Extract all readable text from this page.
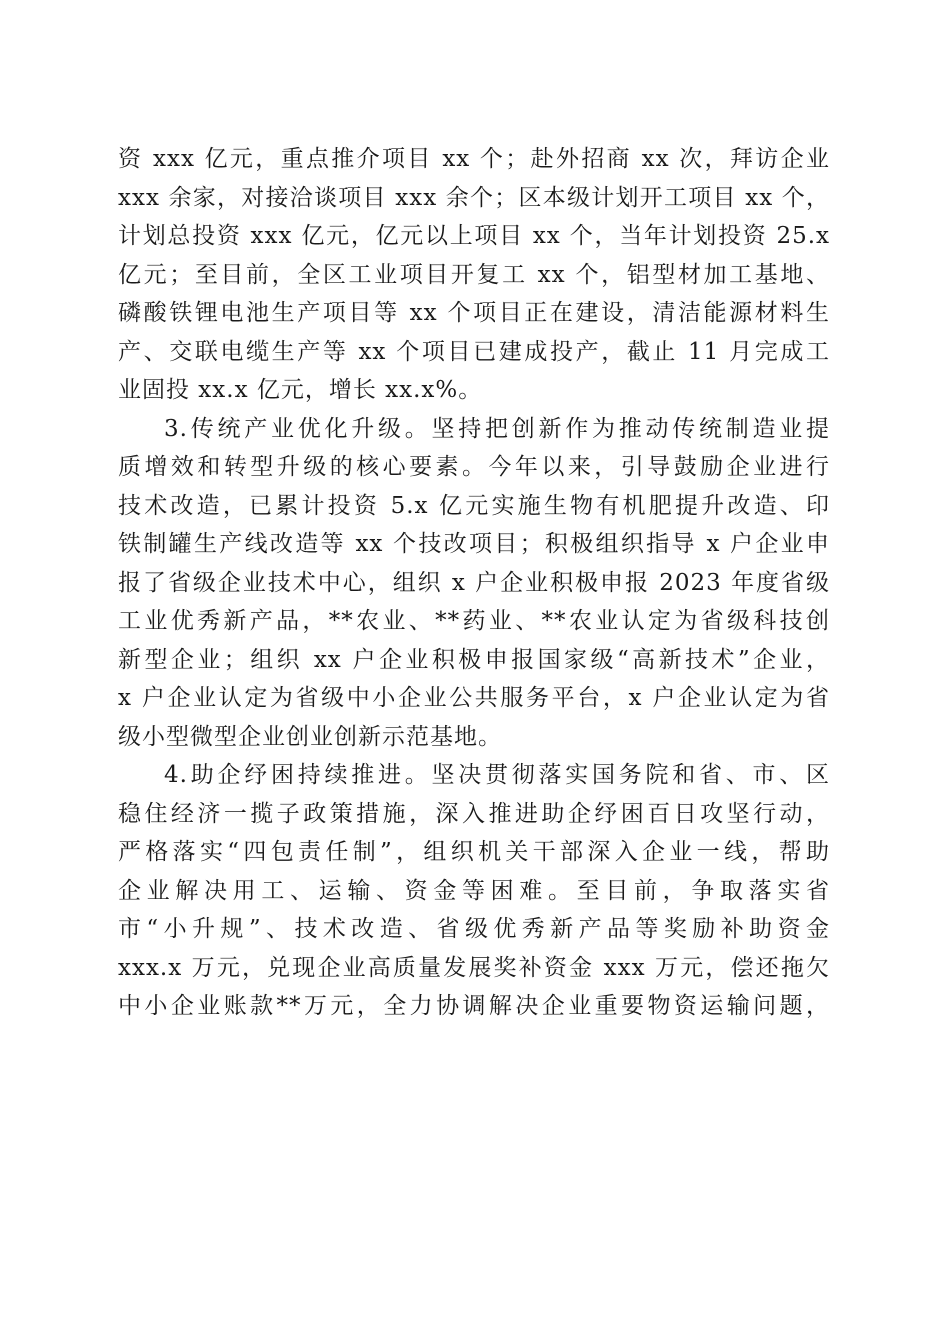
资 xxx 亿元，重点推介项目 xx 个；赴外招商 xx 次，拜访企业
xxx 余家，对接洽谈项目 xxx 余个；区本级计划开工项目 xx 个，
计划总投资 xxx 亿元，亿元以上项目 xx 个，当年计划投资 25.x
亿元；至目前，全区工业项目开复工 xx 个，铝型材加工基地、
磷酸铁锂电池生产项目等 xx 个项目正在建设，清洁能源材料生
产、交联电缆生产等 xx 个项目已建成投产，截止 11 月完成工
业固投 xx.x 亿元，增长 xx.x%。
3.传统产业优化升级。坚持把创新作为推动传统制造业提
质增效和转型升级的核心要素。今年以来，引导鼓励企业进行
技术改造，已累计投资 5.x 亿元实施生物有机肥提升改造、印
铁制罐生产线改造等 xx 个技改项目；积极组织指导 x 户企业申
报了省级企业技术中心，组织 x 户企业积极申报 2023 年度省级
工业优秀新产品，**农业、**药业、**农业认定为省级科技创
新型企业；组织 xx 户企业积极申报国家级“高新技术”企业，
x 户企业认定为省级中小企业公共服务平台，x 户企业认定为省
级小型微型企业创业创新示范基地。
4.助企纾困持续推进。坚决贯彻落实国务院和省、市、区
稳住经济一揽子政策措施，深入推进助企纾困百日攻坚行动，
严格落实“四包责任制”，组织机关干部深入企业一线，帮助
企业解决用工、运输、资金等困难。至目前，争取落实省
市“小升规”、技术改造、省级优秀新产品等奖励补助资金
xxx.x 万元，兑现企业高质量发展奖补资金 xxx 万元，偿还拖欠
中小企业账款**万元，全力协调解决企业重要物资运输问题，
